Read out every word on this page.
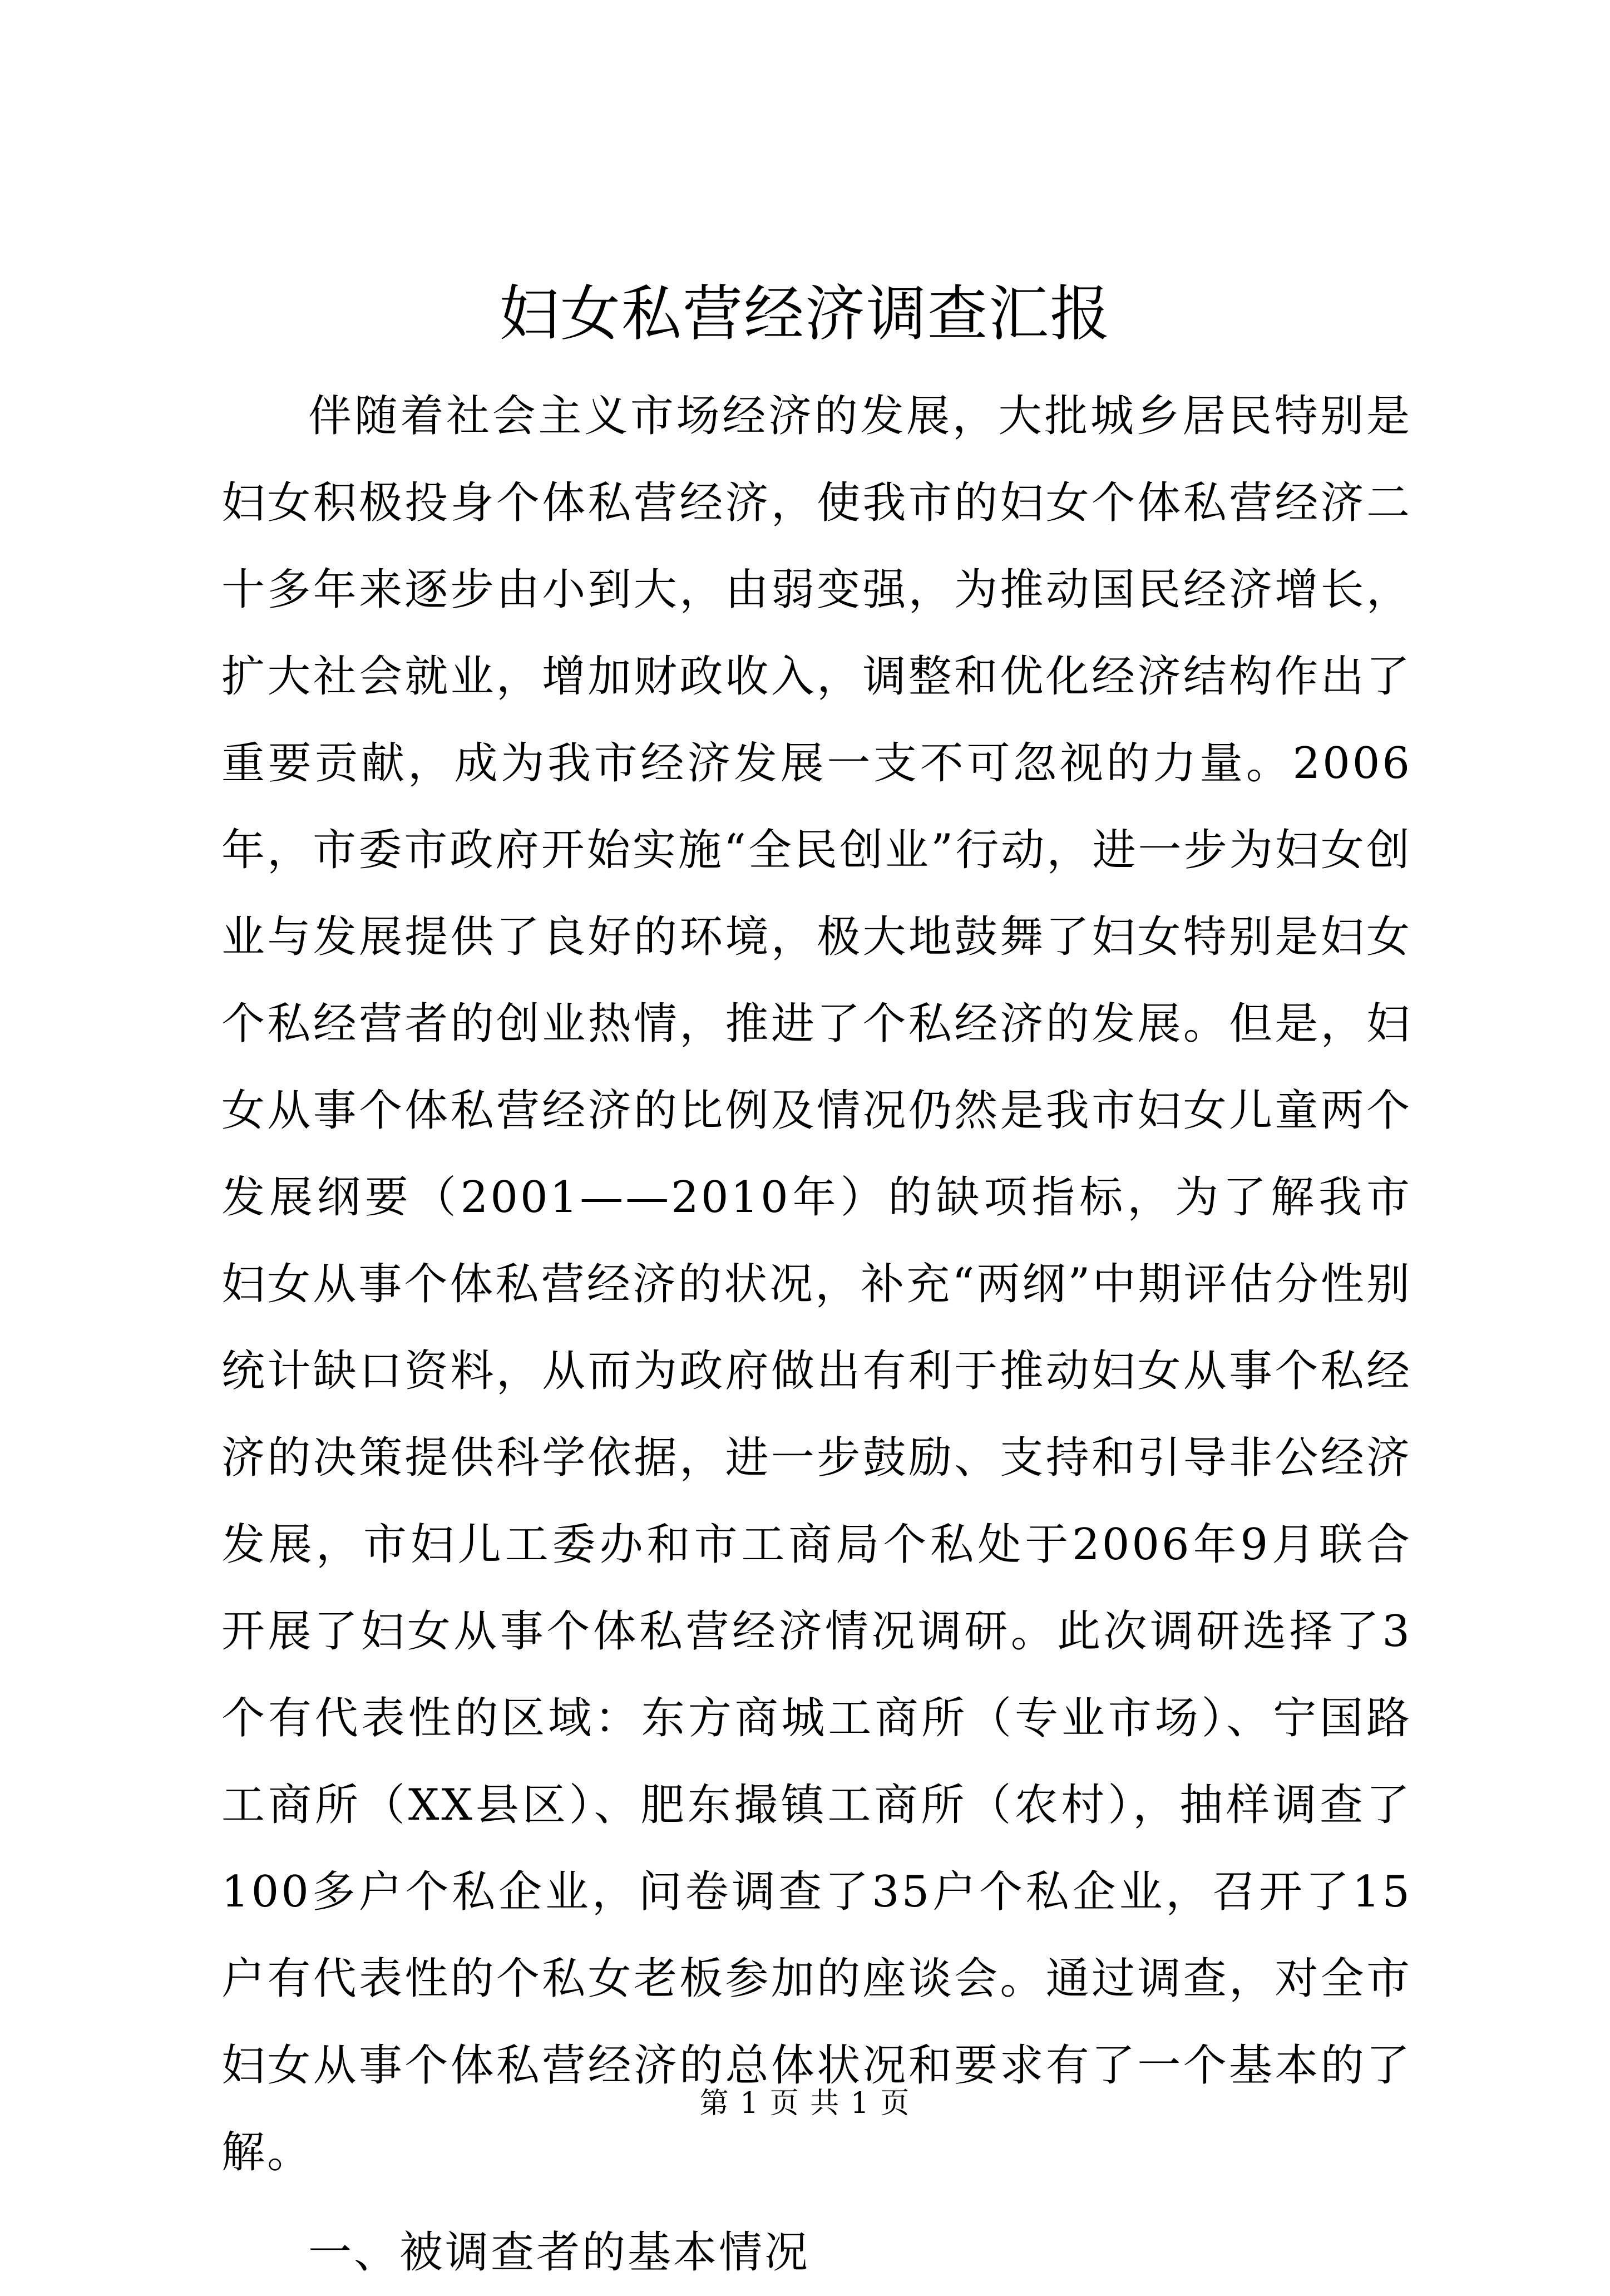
妇女私营经济调查汇报

伴随着社会主义市场经济的发展，大批城乡居民特别是妇女积极投身个体私营经济，使我市的妇女个体私营经济二十多年来逐步由小到大，由弱变强，为推动国民经济增长，扩大社会就业，增加财政收入，调整和优化经济结构作出了重要贡献，成为我市经济发展一支不可忽视的力量。2006年，市委市政府开始实施“全民创业”行动，进一步为妇女创业与发展提供了良好的环境，极大地鼓舞了妇女特别是妇女个私经营者的创业热情，推进了个私经济的发展。但是，妇女从事个体私营经济的比例及情况仍然是我市妇女儿童两个发展纲要（2001——2010年）的缺项指标，为了解我市妇女从事个体私营经济的状况，补充“两纲”中期评估分性别统计缺口资料，从而为政府做出有利于推动妇女从事个私经济的决策提供科学依据，进一步鼓励、支持和引导非公经济发展，市妇儿工委办和市工商局个私处于2006年9月联合开展了妇女从事个体私营经济情况调研。此次调研选择了3个有代表性的区域：东方商城工商所（专业市场）、宁国路工商所（XX县区）、肥东撮镇工商所（农村），抽样调查了100多户个私企业，问卷调查了35户个私企业，召开了15户有代表性的个私女老板参加的座谈会。通过调查，对全市妇女从事个体私营经济的总体状况和要求有了一个基本的了解。

一、被调查者的基本情况

第 1 页 共 1 页
